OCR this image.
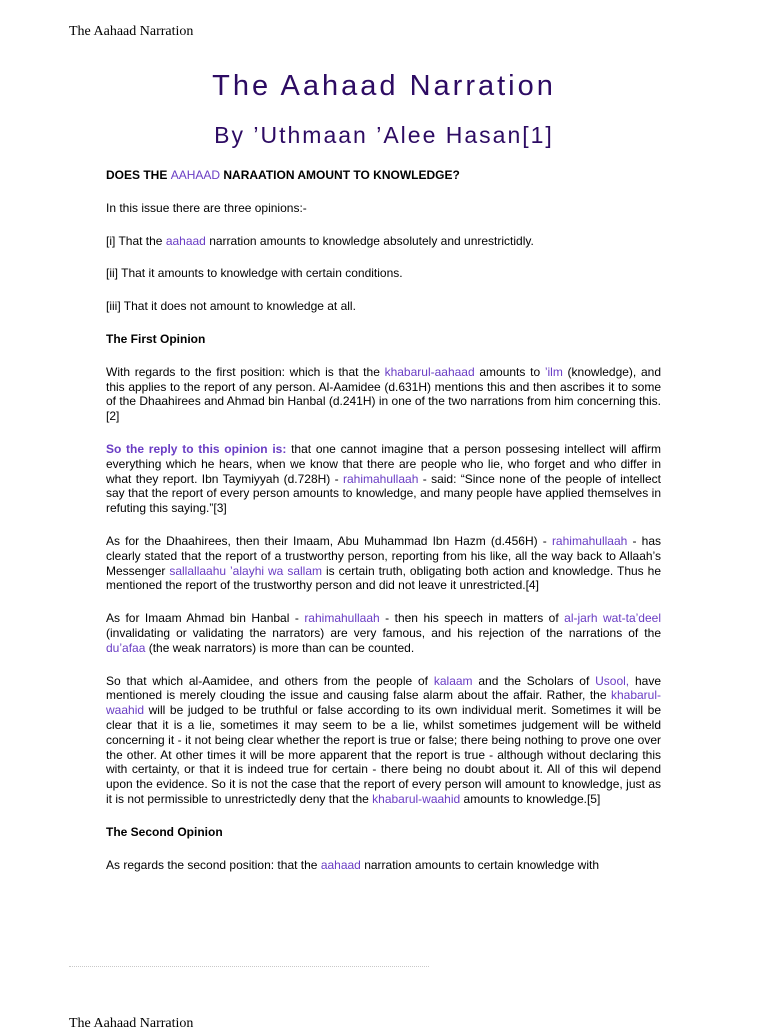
The Aahaad Narration
The Aahaad Narration
By ’Uthmaan ’Alee Hasan[1]

DOES THE AAHAAD NARAATION AMOUNT TO KNOWLEDGE?

In this issue there are three opinions:-

[i] That the aahaad narration amounts to knowledge absolutely and unrestrictidly.

[ii] That it amounts to knowledge with certain conditions.

[iii] That it does not amount to knowledge at all.

The First Opinion

With regards to the first position: which is that the khabarul-aahaad amounts to ’ilm (knowledge), and this applies to the report of any person. Al-Aamidee (d.631H) mentions this and then ascribes it to some of the Dhaahirees and Ahmad bin Hanbal (d.241H) in one of the two narrations from him concerning this.[2]

So the reply to this opinion is: that one cannot imagine that a person possesing intellect will affirm everything which he hears, when we know that there are people who lie, who forget and who differ in what they report. Ibn Taymiyyah (d.728H) - rahimahullaah - said: “Since none of the people of intellect say that the report of every person amounts to knowledge, and many people have applied themselves in refuting this saying.”[3]

As for the Dhaahirees, then their Imaam, Abu Muhammad Ibn Hazm (d.456H) - rahimahullaah - has clearly stated that the report of a trustworthy person, reporting from his like, all the way back to Allaah’s Messenger sallallaahu ’alayhi wa sallam is certain truth, obligating both action and knowledge. Thus he mentioned the report of the trustworthy person and did not leave it unrestricted.[4]

As for Imaam Ahmad bin Hanbal - rahimahullaah - then his speech in matters of al-jarh wat-ta’deel (invalidating or validating the narrators) are very famous, and his rejection of the narrations of the du’afaa (the weak narrators) is more than can be counted.

So that which al-Aamidee, and others from the people of kalaam and the Scholars of Usool, have mentioned is merely clouding the issue and causing false alarm about the affair. Rather, the khabarul-waahid will be judged to be truthful or false according to its own individual merit. Sometimes it will be clear that it is a lie, sometimes it may seem to be a lie, whilst sometimes judgement will be witheld concerning it - it not being clear whether the report is true or false; there being nothing to prove one over the other. At other times it will be more apparent that the report is true - although without declaring this with certainty, or that it is indeed true for certain - there being no doubt about it. All of this wil depend upon the evidence. So it is not the case that the report of every person will amount to knowledge, just as it is not permissible to unrestrictedly deny that the khabarul-waahid amounts to knowledge.[5]

The Second Opinion

As regards the second position: that the aahaad narration amounts to certain knowledge with

The Aahaad Narration
